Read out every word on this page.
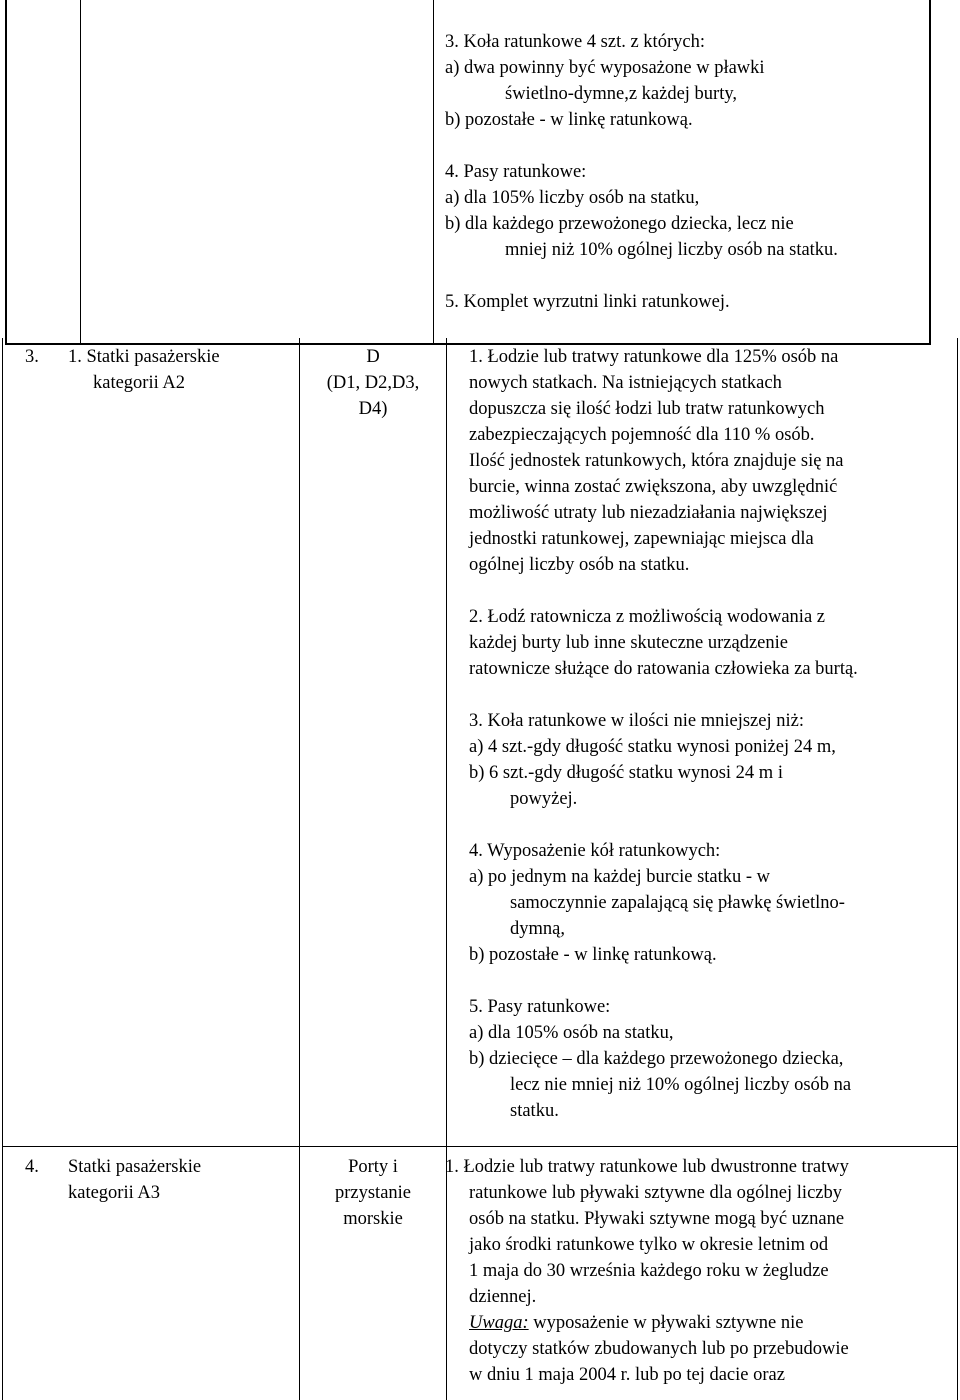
3. Koła ratunkowe 4 szt. z których:
a) dwa powinny być wyposażone w pławki
świetlno-dymne,z każdej burty,
b) pozostałe - w linkę ratunkową.
4. Pasy ratunkowe:
a) dla 105% liczby osób na statku,
b) dla każdego przewożonego dziecka, lecz nie
mniej niż 10% ogólnej liczby osób na statku.
5. Komplet wyrzutni linki ratunkowej.
3. 1. Statki pasażerskie
kategorii A2
D
(D1, D2,D3,
D4)
1. Łodzie lub tratwy ratunkowe dla 125% osób na
nowych statkach. Na istniejących statkach
dopuszcza się ilość łodzi lub tratw ratunkowych
zabezpieczających pojemność dla 110 % osób.
Ilość jednostek ratunkowych, która znajduje się na
burcie, winna zostać zwiększona, aby uwzględnić
możliwość utraty lub niezadziałania największej
jednostki ratunkowej, zapewniając miejsca dla
ogólnej liczby osób na statku.
2. Łodź ratownicza z możliwością wodowania z
każdej burty lub inne skuteczne urządzenie
ratownicze służące do ratowania człowieka za burtą.
3. Koła ratunkowe w ilości nie mniejszej niż:
a) 4 szt.-gdy długość statku wynosi poniżej 24 m,
b) 6 szt.-gdy długość statku wynosi 24 m i
powyżej.
4. Wyposażenie kół ratunkowych:
a) po jednym na każdej burcie statku - w
samoczynnie zapalającą się pławkę świetlno-
dymną,
b) pozostałe - w linkę ratunkową.
5. Pasy ratunkowe:
a) dla 105% osób na statku,
b) dziecięce – dla każdego przewożonego dziecka,
lecz nie mniej niż 10% ogólnej liczby osób na
statku.
4. Statki pasażerskie
kategorii A3
Porty i
przystanie
morskie
1. Łodzie lub tratwy ratunkowe lub dwustronne tratwy
ratunkowe lub pływaki sztywne dla ogólnej liczby
osób na statku. Pływaki sztywne mogą być uznane
jako środki ratunkowe tylko w okresie letnim od
1 maja do 30 września każdego roku w żegludze
dziennej.
Uwaga: wyposażenie w pływaki sztywne nie
dotyczy statków zbudowanych lub po przebudowie
w dniu 1 maja 2004 r. lub po tej dacie oraz
